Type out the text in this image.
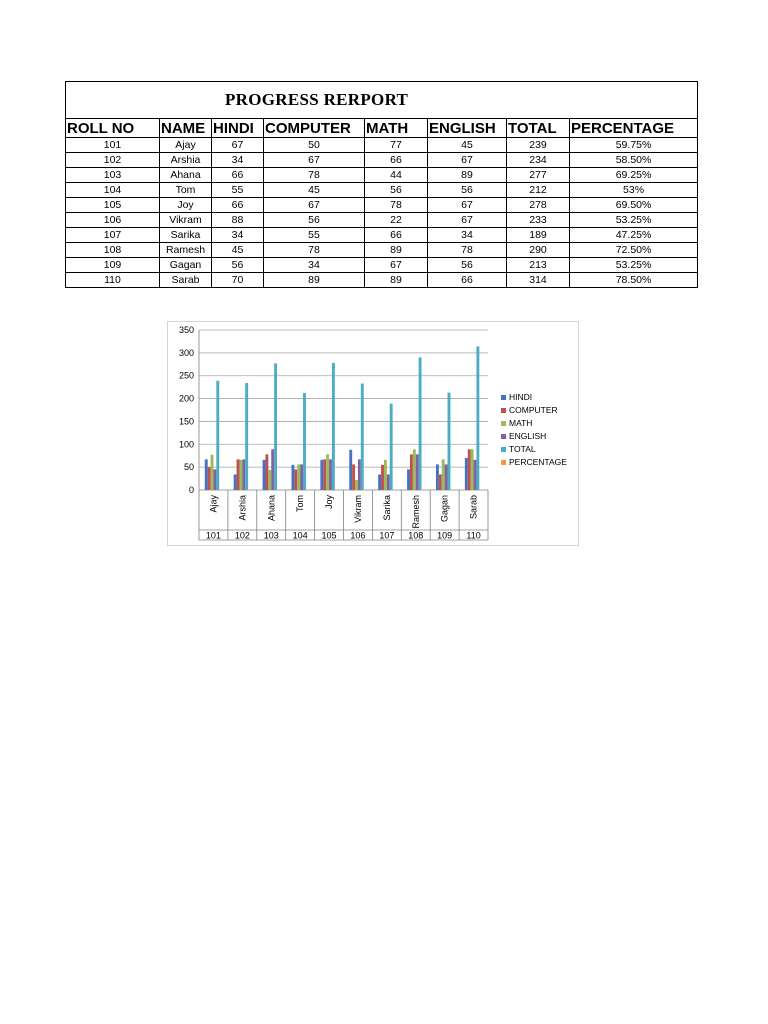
PROGRESS RERPORT							
ROLL NO	NAME	HINDI	COMPUTER	MATH	ENGLISH	TOTAL	PERCENTAGE
101	Ajay	67	50	77	45	239	59.75%
102	Arshia	34	67	66	67	234	58.50%
103	Ahana	66	78	44	89	277	69.25%
104	Tom	55	45	56	56	212	53%
105	Joy	66	67	78	67	278	69.50%
106	Vikram	88	56	22	67	233	53.25%
107	Sarika	34	55	66	34	189	47.25%
108	Ramesh	45	78	89	78	290	72.50%
109	Gagan	56	34	67	56	213	53.25%
110	Sarab	70	89	89	66	314	78.50%
0
50
100
150
200
250
300
350
Ajay
101
Arshia
102
Ahana
103
Tom
104
Joy
105
Vikram
106
Sarika
107
Ramesh
108
Gagan
109
Sarab
110
HINDI
COMPUTER
MATH
ENGLISH
TOTAL
PERCENTAGE
